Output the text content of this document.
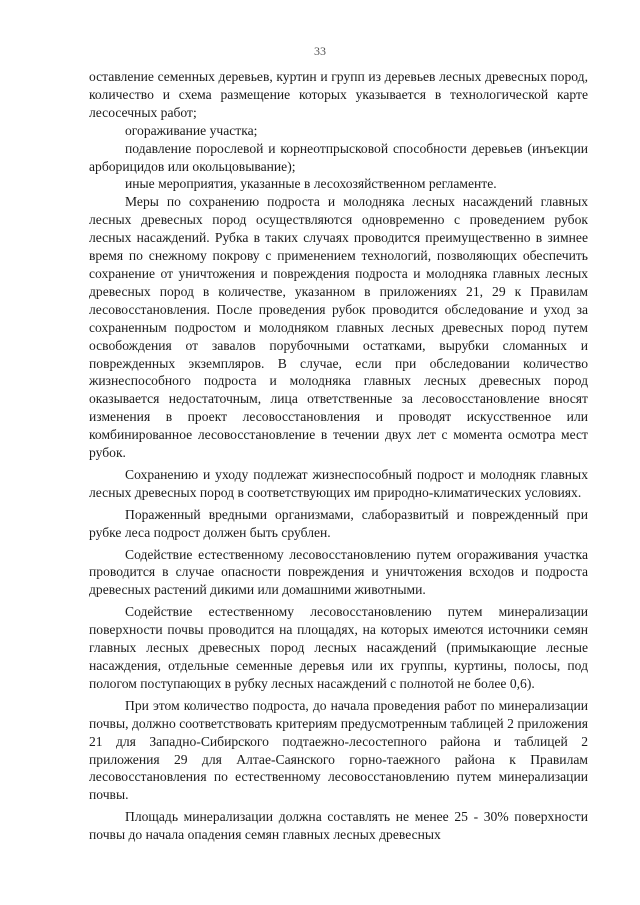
33

оставление семенных деревьев, куртин и групп из деревьев лесных древесных пород, количество и схема размещение которых указывается в технологической карте лесосечных работ;

огораживание участка;

подавление порослевой и корнеотпрысковой способности деревьев (инъекции арборицидов или окольцовывание);

иные мероприятия, указанные в лесохозяйственном регламенте.

Меры по сохранению подроста и молодняка лесных насаждений главных лесных древесных пород осуществляются одновременно с проведением рубок лесных насаждений. Рубка в таких случаях проводится преимущественно в зимнее время по снежному покрову с применением технологий, позволяющих обеспечить сохранение от уничтожения и повреждения подроста и молодняка главных лесных древесных пород в количестве, указанном в приложениях 21, 29 к Правилам лесовосстановления. После проведения рубок проводится обследование и уход за сохраненным подростом и молодняком главных лесных древесных пород путем освобождения от завалов порубочными остатками, вырубки сломанных и поврежденных экземпляров. В случае, если при обследовании количество жизнеспособного подроста и молодняка главных лесных древесных пород оказывается недостаточным, лица ответственные за лесовосстановление вносят изменения в проект лесовосстановления и проводят искусственное или комбинированное лесовосстановление в течении двух лет с момента осмотра мест рубок.

Сохранению и уходу подлежат жизнеспособный подрост и молодняк главных лесных древесных пород в соответствующих им природно-климатических условиях.

Пораженный вредными организмами, слаборазвитый и поврежденный при рубке леса подрост должен быть срублен.

Содействие естественному лесовосстановлению путем огораживания участка проводится в случае опасности повреждения и уничтожения всходов и подроста древесных растений дикими или домашними животными.

Содействие естественному лесовосстановлению путем минерализации поверхности почвы проводится на площадях, на которых имеются источники семян главных лесных древесных пород лесных насаждений (примыкающие лесные насаждения, отдельные семенные деревья или их группы, куртины, полосы, под пологом поступающих в рубку лесных насаждений с полнотой не более 0,6).

При этом количество подроста, до начала проведения работ по минерализации почвы, должно соответствовать критериям предусмотренным таблицей 2 приложения 21 для Западно-Сибирского подтаежно-лесостепного района и таблицей 2 приложения 29 для Алтае-Саянского горно-таежного района к Правилам лесовосстановления по естественному лесовосстановлению путем минерализации почвы.

Площадь минерализации должна составлять не менее 25 - 30% поверхности почвы до начала опадения семян главных лесных древесных
